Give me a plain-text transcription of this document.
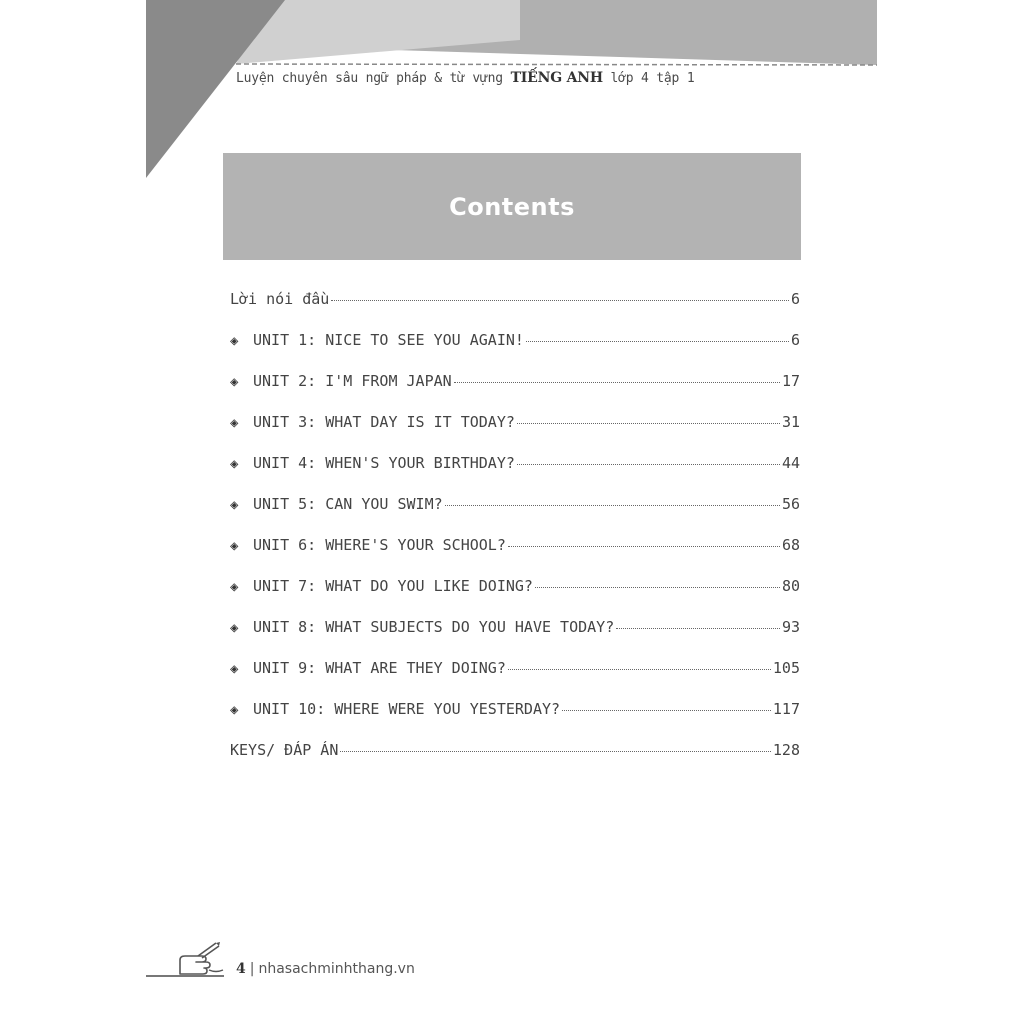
Luyện chuyên sâu ngữ pháp & từ vựng TIẾNG ANH lớp 4 tập 1
Contents
Lời nói đầu	6
◈ UNIT 1: NICE TO SEE YOU AGAIN!	6
◈ UNIT 2: I'M FROM JAPAN	17
◈ UNIT 3: WHAT DAY IS IT TODAY?	31
◈ UNIT 4: WHEN'S YOUR BIRTHDAY?	44
◈ UNIT 5: CAN YOU SWIM?	56
◈ UNIT 6: WHERE'S YOUR SCHOOL?	68
◈ UNIT 7: WHAT DO YOU LIKE DOING?	80
◈ UNIT 8: WHAT SUBJECTS DO YOU HAVE TODAY?	93
◈ UNIT 9: WHAT ARE THEY DOING?	105
◈ UNIT 10: WHERE WERE YOU YESTERDAY?	117
KEYS/ ĐÁP ÁN	128
4 | nhasachminhthang.vn
